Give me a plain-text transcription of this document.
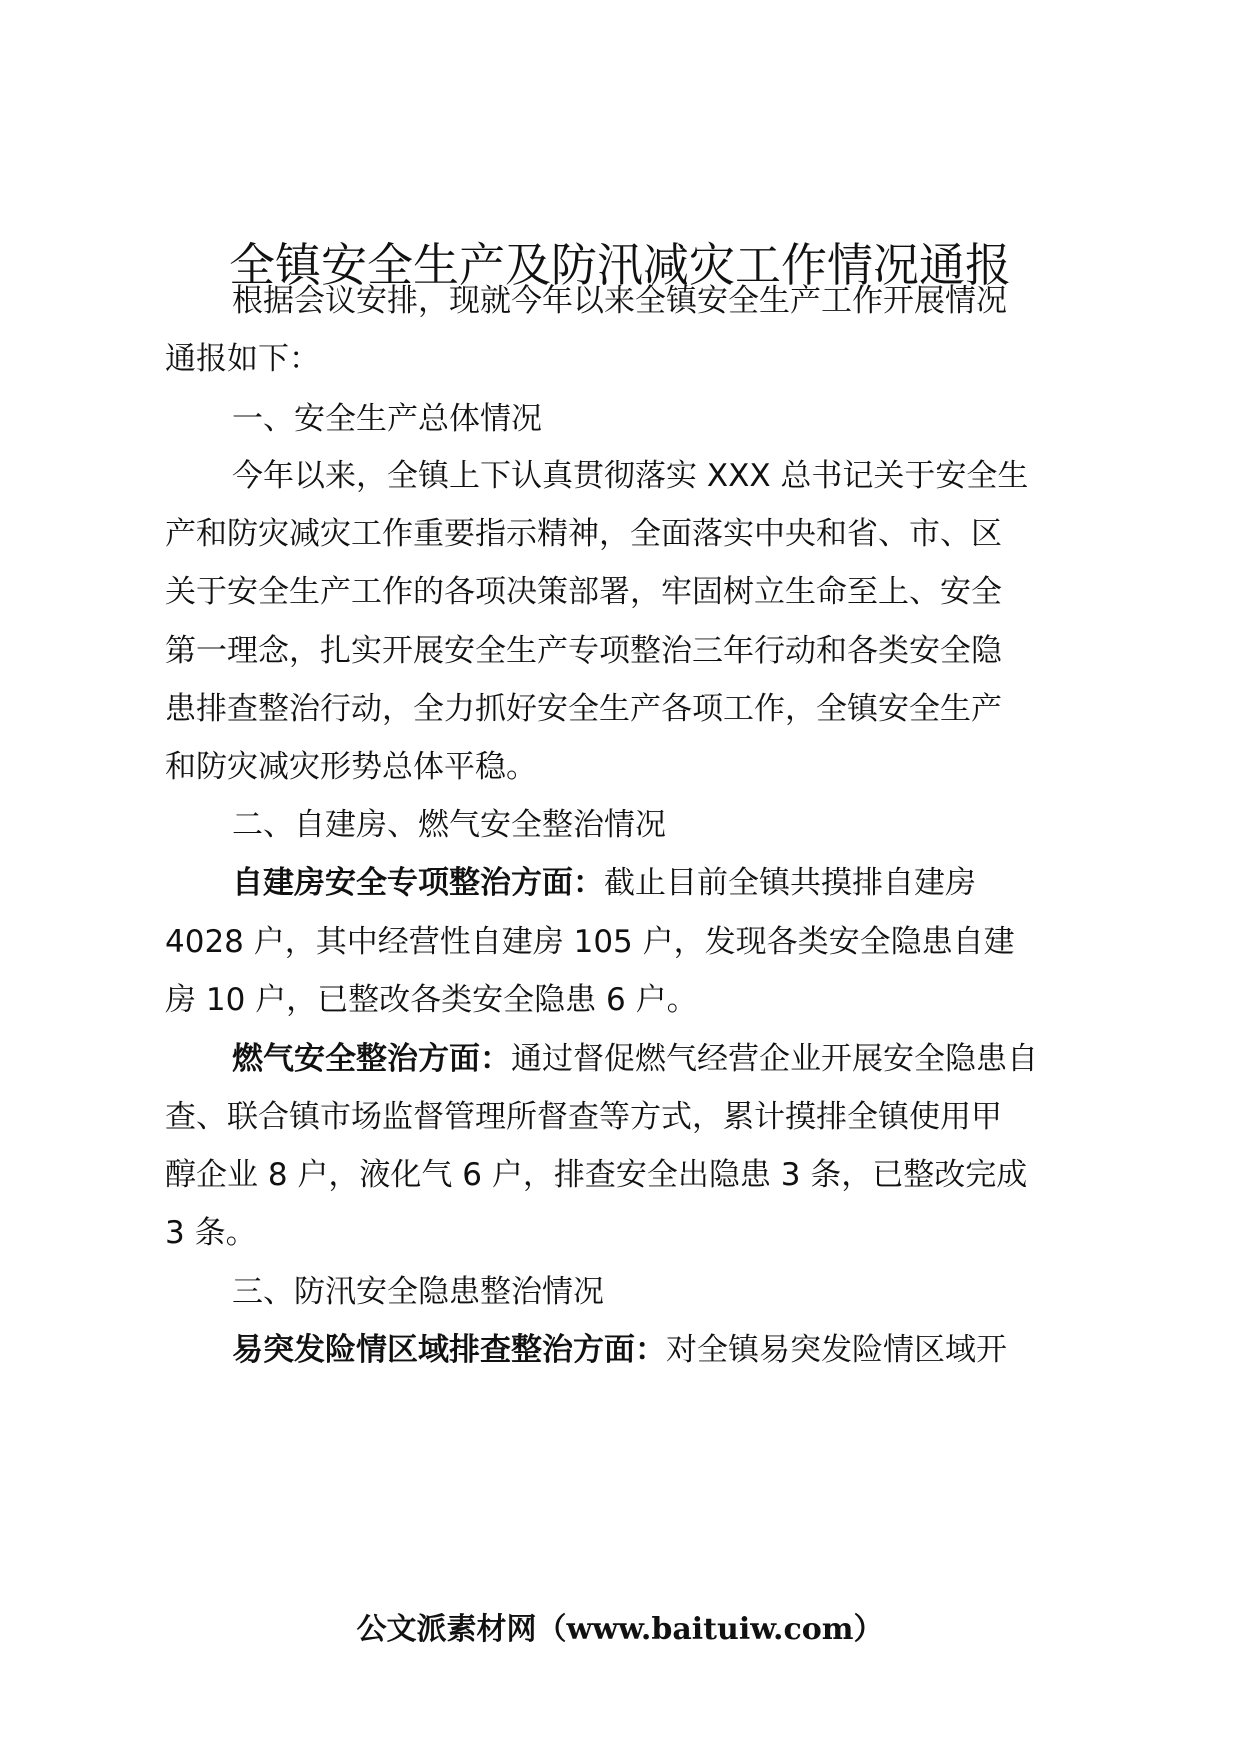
全镇安全生产及防汛减灾工作情况通报
根据会议安排，现就今年以来全镇安全生产工作开展情况
通报如下：
一、安全生产总体情况
今年以来，全镇上下认真贯彻落实 XXX 总书记关于安全生
产和防灾减灾工作重要指示精神，全面落实中央和省、市、区
关于安全生产工作的各项决策部署，牢固树立生命至上、安全
第一理念，扎实开展安全生产专项整治三年行动和各类安全隐
患排查整治行动，全力抓好安全生产各项工作，全镇安全生产
和防灾减灾形势总体平稳。
二、自建房、燃气安全整治情况
自建房安全专项整治方面：截止目前全镇共摸排自建房
4028 户，其中经营性自建房 105 户，发现各类安全隐患自建
房 10 户，已整改各类安全隐患 6 户。
燃气安全整治方面：通过督促燃气经营企业开展安全隐患自
查、联合镇市场监督管理所督查等方式，累计摸排全镇使用甲
醇企业 8 户，液化气 6 户，排查安全出隐患 3 条，已整改完成
3 条。
三、防汛安全隐患整治情况
易突发险情区域排查整治方面：对全镇易突发险情区域开
公文派素材网（www.baituiw.com）
